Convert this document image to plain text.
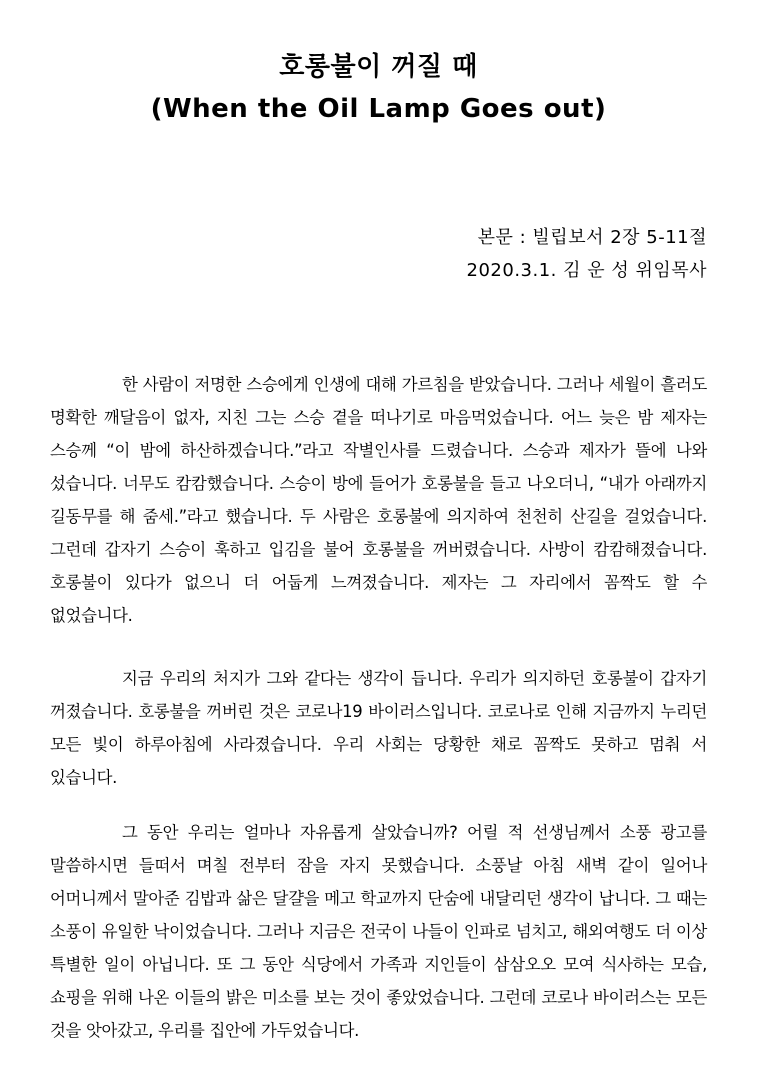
호롱불이 꺼질 때
(When the Oil Lamp Goes out)
본문 : 빌립보서 2장 5-11절
2020.3.1. 김 운 성 위임목사

한 사람이 저명한 스승에게 인생에 대해 가르침을 받았습니다. 그러나 세월이 흘러도 명확한 깨달음이 없자, 지친 그는 스승 곁을 떠나기로 마음먹었습니다. 어느 늦은 밤 제자는 스승께 “이 밤에 하산하겠습니다.”라고 작별인사를 드렸습니다. 스승과 제자가 뜰에 나와 섰습니다. 너무도 캄캄했습니다. 스승이 방에 들어가 호롱불을 들고 나오더니, “내가 아래까지 길동무를 해 줌세.”라고 했습니다. 두 사람은 호롱불에 의지하여 천천히 산길을 걸었습니다. 그런데 갑자기 스승이 훅하고 입김을 불어 호롱불을 꺼버렸습니다. 사방이 캄캄해졌습니다. 호롱불이 있다가 없으니 더 어둡게 느껴졌습니다. 제자는 그 자리에서 꼼짝도 할 수 없었습니다.

지금 우리의 처지가 그와 같다는 생각이 듭니다. 우리가 의지하던 호롱불이 갑자기 꺼졌습니다. 호롱불을 꺼버린 것은 코로나19 바이러스입니다. 코로나로 인해 지금까지 누리던 모든 빛이 하루아침에 사라졌습니다. 우리 사회는 당황한 채로 꼼짝도 못하고 멈춰 서 있습니다.

그 동안 우리는 얼마나 자유롭게 살았습니까? 어릴 적 선생님께서 소풍 광고를 말씀하시면 들떠서 며칠 전부터 잠을 자지 못했습니다. 소풍날 아침 새벽 같이 일어나 어머니께서 말아준 김밥과 삶은 달걀을 메고 학교까지 단숨에 내달리던 생각이 납니다. 그 때는 소풍이 유일한 낙이었습니다. 그러나 지금은 전국이 나들이 인파로 넘치고, 해외여행도 더 이상 특별한 일이 아닙니다. 또 그 동안 식당에서 가족과 지인들이 삼삼오오 모여 식사하는 모습, 쇼핑을 위해 나온 이들의 밝은 미소를 보는 것이 좋았었습니다. 그런데 코로나 바이러스는 모든 것을 앗아갔고, 우리를 집안에 가두었습니다.
